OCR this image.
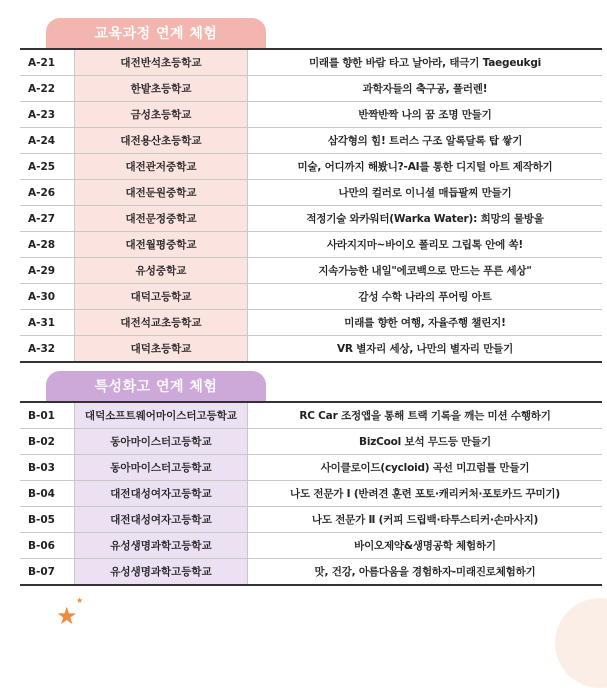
교육과정 연계 체험
A-21	대전반석초등학교	미래를 향한 바람 타고 날아라, 태극기 Taegeukgi
A-22	한밭초등학교	과학자들의 축구공, 풀러렌!
A-23	금성초등학교	반짝반짝 나의 꿈 조명 만들기
A-24	대전용산초등학교	삼각형의 힘! 트러스 구조 알록달록 탑 쌓기
A-25	대전관저중학교	미술, 어디까지 해봤니?-AI를 통한 디지털 아트 제작하기
A-26	대전둔원중학교	나만의 컬러로 이니셜 매듭팔찌 만들기
A-27	대전문정중학교	적정기술 와카워터(Warka Water): 희망의 물방울
A-28	대전월평중학교	사라지지마~바이오 폴리모 그립톡 안에 쏙!
A-29	유성중학교	지속가능한 내일"에코백으로 만드는 푸른 세상"
A-30	대덕고등학교	감성 수학 나라의 푸어링 아트
A-31	대전석교초등학교	미래를 향한 여행, 자율주행 챌린지!
A-32	대덕초등학교	VR 별자리 세상, 나만의 별자리 만들기
특성화고 연계 체험
B-01	대덕소프트웨어마이스터고등학교	RC Car 조정앱을 통해 트랙 기록을 깨는 미션 수행하기
B-02	동아마이스터고등학교	BizCool 보석 무드등 만들기
B-03	동아마이스터고등학교	사이클로이드(cycloid) 곡선 미끄럼틀 만들기
B-04	대전대성여자고등학교	나도 전문가 Ⅰ (반려견 훈련 포토·캐리커처·포토카드 꾸미기)
B-05	대전대성여자고등학교	나도 전문가 Ⅱ (커피 드립백·타투스티커·손마사지)
B-06	유성생명과학고등학교	바이오제약&생명공학 체험하기
B-07	유성생명과학고등학교	맛, 건강, 아름다움을 경험하자-미래진로체험하기
★
★
